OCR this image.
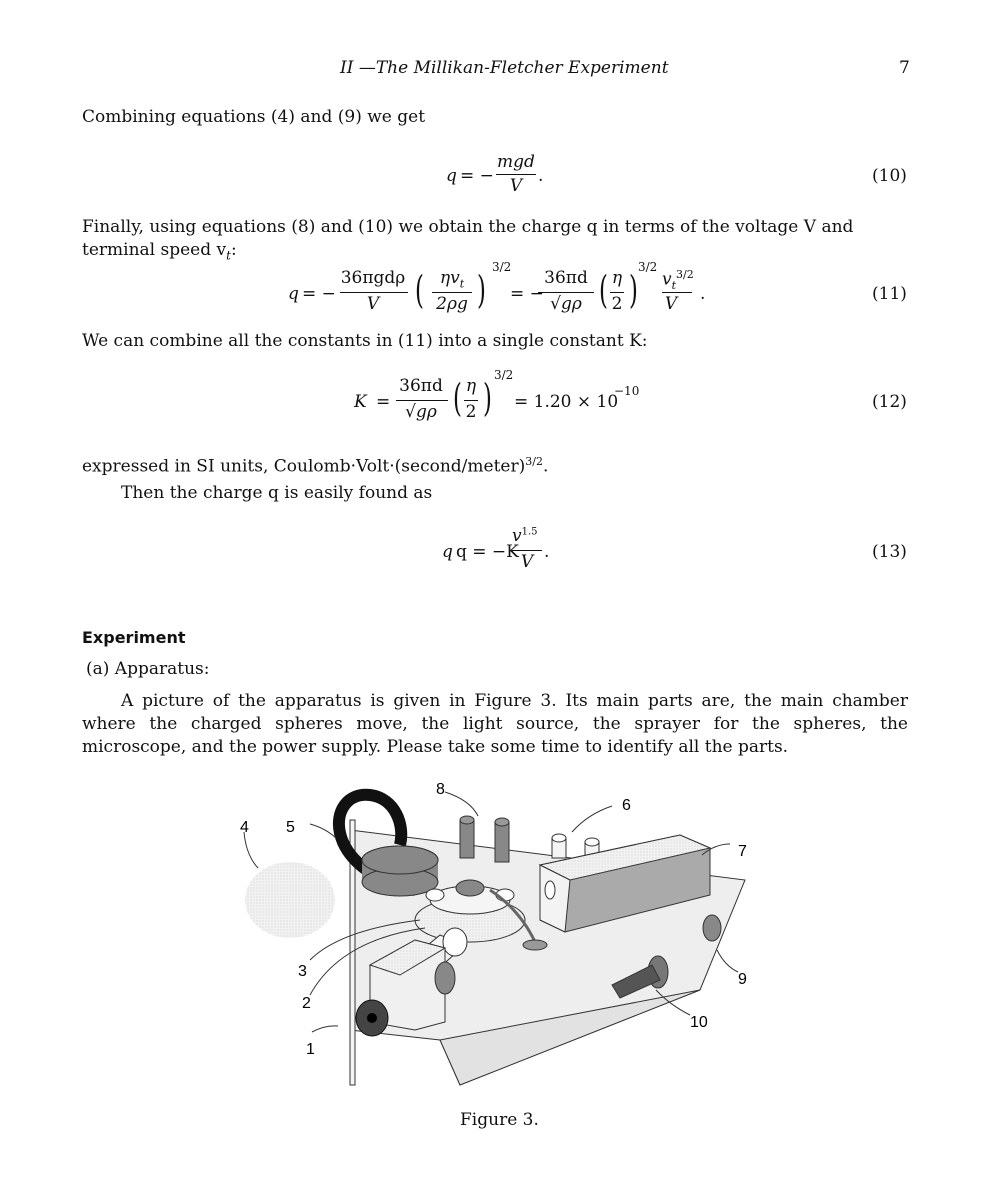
II —The Millikan-Fletcher Experiment	7
Combining equations (4) and (9) we get
q = −
mgd
V .	(10)
Finally, using equations (8) and (10) we obtain the charge q in terms of the voltage V and terminal speed $v_t$:
q = −
36πgdρ
V ( $\eta v_t$
2ρg )
3/2
= −
36πd
√gρ ( η
2 )
3/2
$v_t^{3/2}$
V .	(11)
We can combine all the constants in (11) into a single constant K:
K =
36πd
√gρ ( η
2 )
3/2
= 1.20 × 10
−10
(12)
expressed in SI units, Coulomb·Volt·(second/meter)$^{3/2}$.
Then the charge q is easily found as
q q = −K
$v^{1.5}$
V .	(13)
Experiment
(a) Apparatus:
A picture of the apparatus is given in Figure 3. Its main parts are, the main chamber where the charged spheres move, the light source, the sprayer for the spheres, the microscope, and the power supply. Please take some time to identify all the parts.
4 5
8
6
7
3
2
1
9
10
Figure 3.
